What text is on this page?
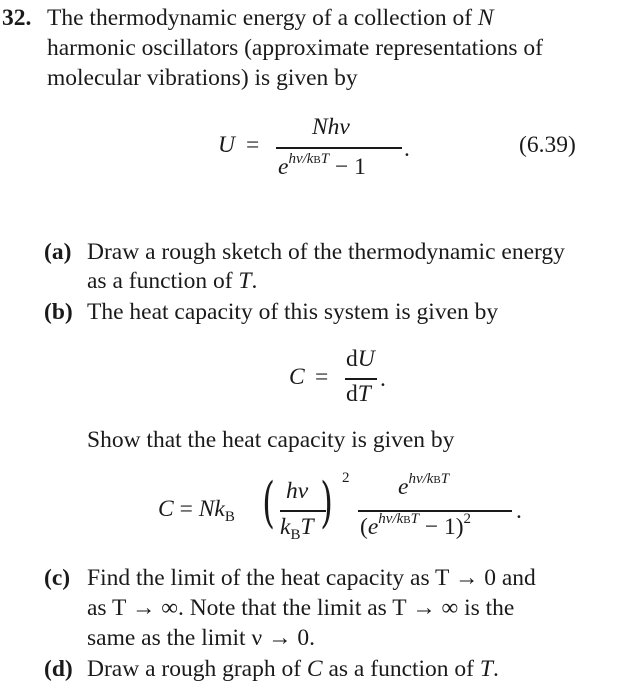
32. The thermodynamic energy of a collection of N
harmonic oscillators (approximate representations of
molecular vibrations) is given by
U =
Nhν
$e^{h\nu/kBT} - 1$
.	(6.39)
(a) Draw a rough sketch of the thermodynamic energy
as a function of T.
(b) The heat capacity of this system is given by
C =
dU
dT
.
Show that the heat capacity is given by
$C = Nk_B$ ( hν
$k_BT$ ) 2 $e^{h\nu/kBT}$
$(e^{h\nu/kBT} - 1)^2$ .
(c) Find the limit of the heat capacity as T → 0 and
as T → ∞. Note that the limit as T → ∞ is the
same as the limit ν → 0.
(d) Draw a rough graph of C as a function of T.
